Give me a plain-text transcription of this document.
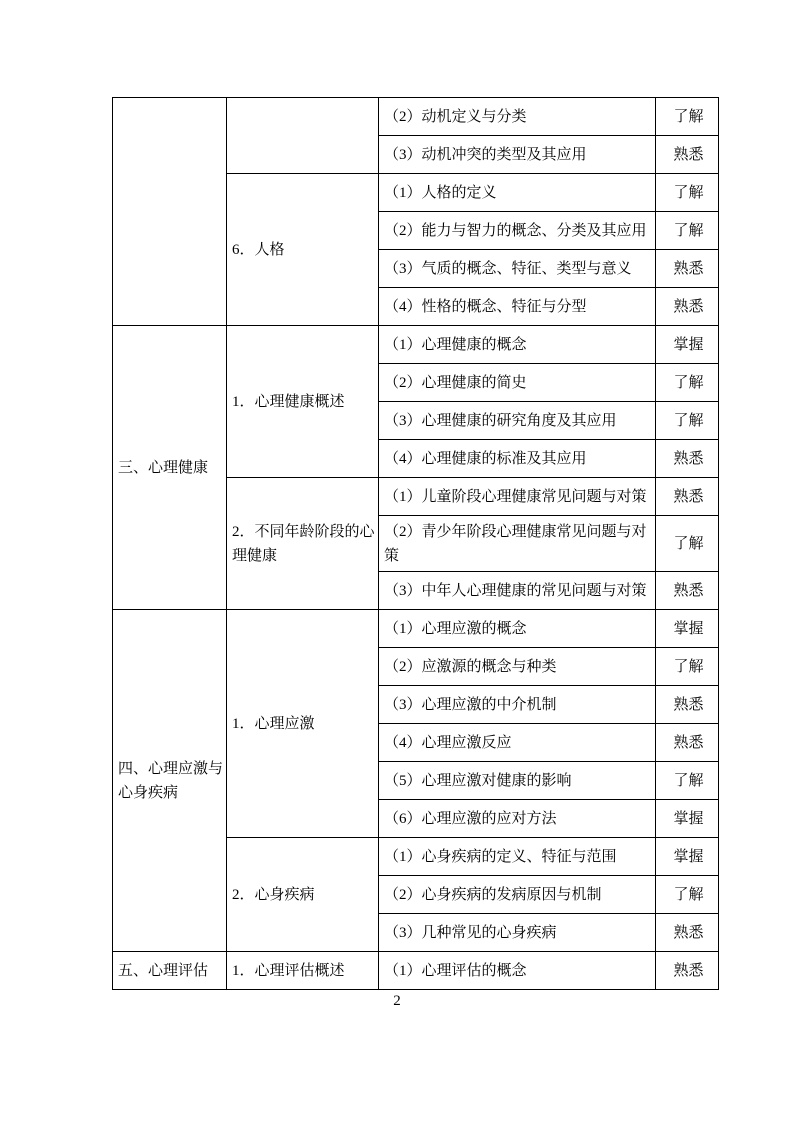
		（2）动机定义与分类	了解
		（3）动机冲突的类型及其应用	熟悉
	6．人格	（1）人格的定义	了解
		（2）能力与智力的概念、分类及其应用	了解
		（3）气质的概念、特征、类型与意义	熟悉
		（4）性格的概念、特征与分型	熟悉
三、心理健康	1．心理健康概述	（1）心理健康的概念	掌握
		（2）心理健康的简史	了解
		（3）心理健康的研究角度及其应用	了解
		（4）心理健康的标准及其应用	熟悉
	2．不同年龄阶段的心理健康	（1）儿童阶段心理健康常见问题与对策	熟悉
		（2）青少年阶段心理健康常见问题与对策	了解
		（3）中年人心理健康的常见问题与对策	熟悉
四、心理应激与心身疾病	1．心理应激	（1）心理应激的概念	掌握
		（2）应激源的概念与种类	了解
		（3）心理应激的中介机制	熟悉
		（4）心理应激反应	熟悉
		（5）心理应激对健康的影响	了解
		（6）心理应激的应对方法	掌握
	2．心身疾病	（1）心身疾病的定义、特征与范围	掌握
		（2）心身疾病的发病原因与机制	了解
		（3）几种常见的心身疾病	熟悉
五、心理评估	1．心理评估概述	（1）心理评估的概念	熟悉
2
